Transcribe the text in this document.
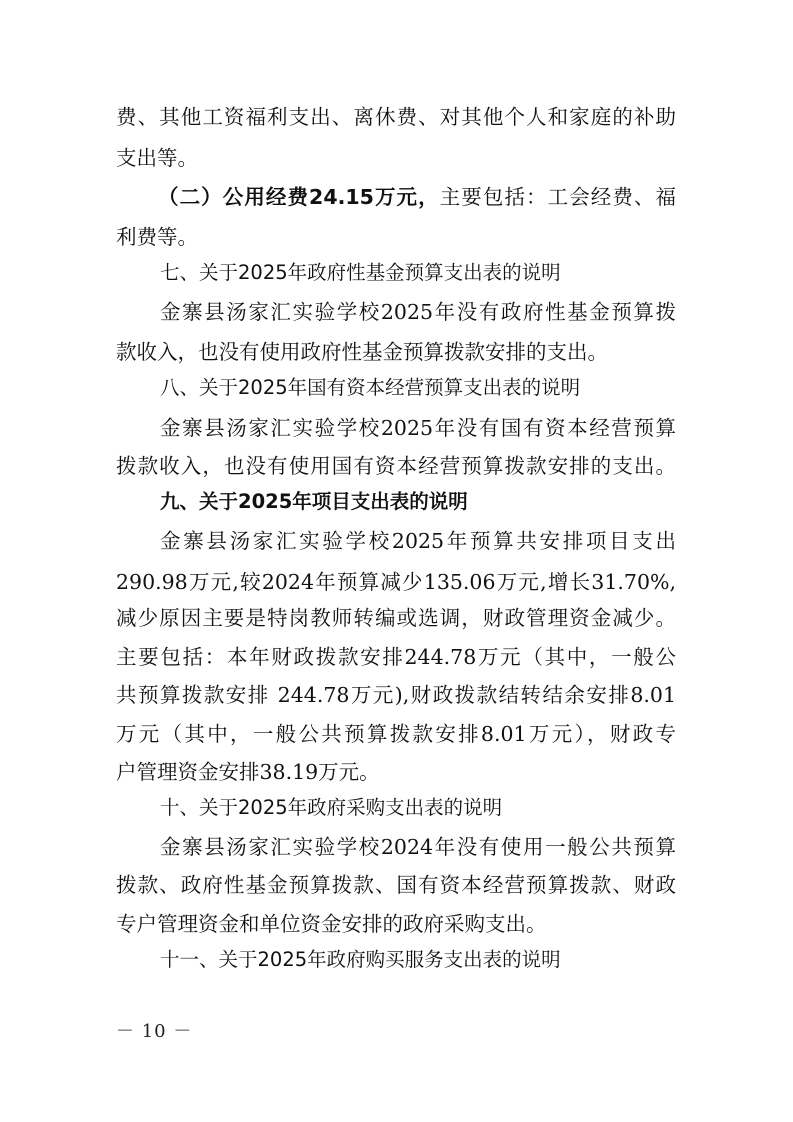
费、其他工资福利支出、离休费、对其他个人和家庭的补助
支出等。
（二）公用经费24.15万元，主要包括：工会经费、福
利费等。
七、关于2025年政府性基金预算支出表的说明
金寨县汤家汇实验学校2025年没有政府性基金预算拨
款收入，也没有使用政府性基金预算拨款安排的支出。
八、关于2025年国有资本经营预算支出表的说明
金寨县汤家汇实验学校2025年没有国有资本经营预算
拨款收入，也没有使用国有资本经营预算拨款安排的支出。
九、关于2025年项目支出表的说明
金寨县汤家汇实验学校2025年预算共安排项目支出
290.98万元,较2024年预算减少135.06万元,增长31.70%,
减少原因主要是特岗教师转编或选调，财政管理资金减少。
主要包括：本年财政拨款安排244.78万元（其中，一般公
共预算拨款安排 244.78万元),财政拨款结转结余安排8.01
万元（其中，一般公共预算拨款安排8.01万元），财政专
户管理资金安排38.19万元。
十、关于2025年政府采购支出表的说明
金寨县汤家汇实验学校2024年没有使用一般公共预算
拨款、政府性基金预算拨款、国有资本经营预算拨款、财政
专户管理资金和单位资金安排的政府采购支出。
十一、关于2025年政府购买服务支出表的说明
－ 10 －
